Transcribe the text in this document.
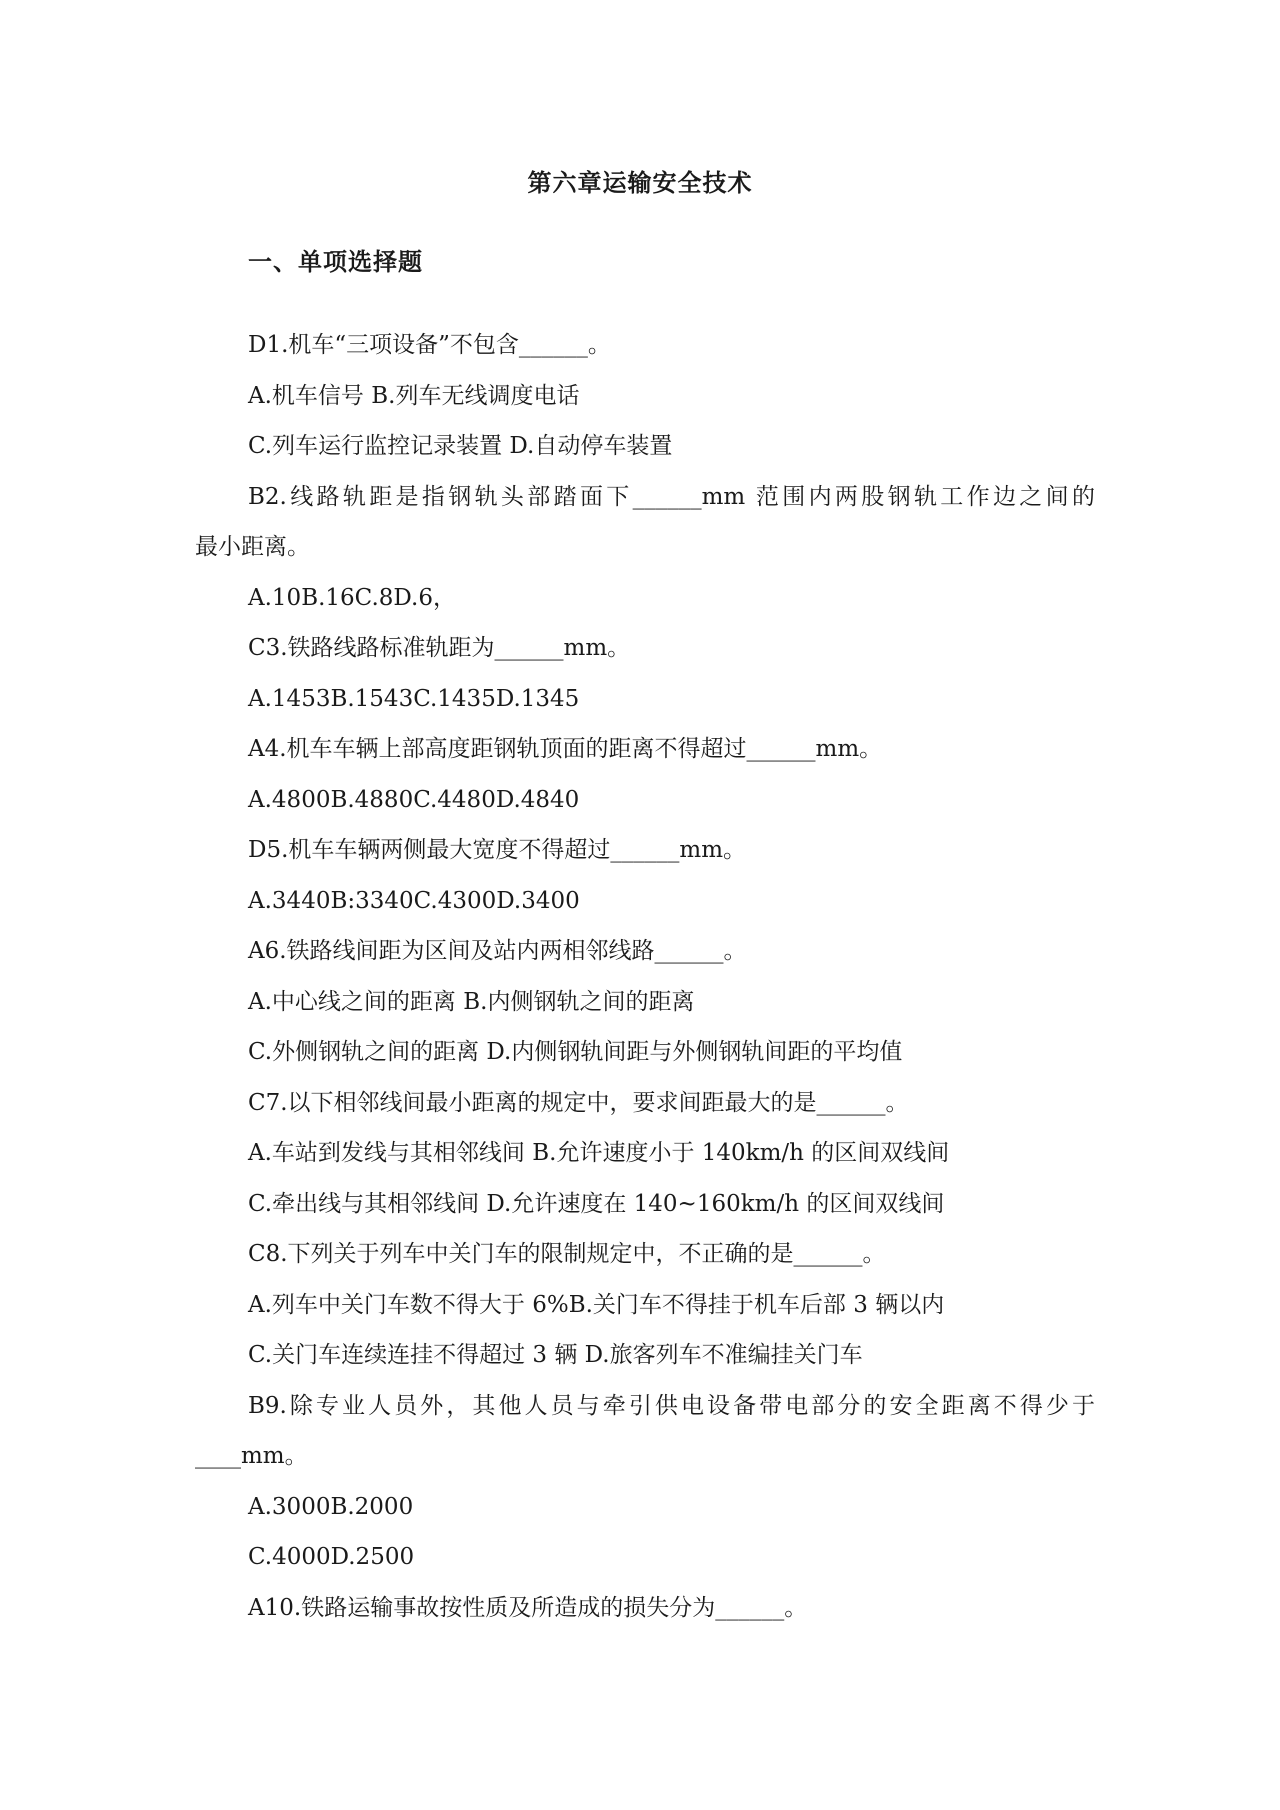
第六章运输安全技术
一、单项选择题
D1.机车“三项设备”不包含______。
A.机车信号 B.列车无线调度电话
C.列车运行监控记录装置 D.自动停车装置
B2.线路轨距是指钢轨头部踏面下______mm 范围内两股钢轨工作边之间的
最小距离。
A.10B.16C.8D.6，
C3.铁路线路标准轨距为______mm。
A.1453B.1543C.1435D.1345
A4.机车车辆上部高度距钢轨顶面的距离不得超过______mm。
A.4800B.4880C.4480D.4840
D5.机车车辆两侧最大宽度不得超过______mm。
A.3440B:3340C.4300D.3400
A6.铁路线间距为区间及站内两相邻线路______。
A.中心线之间的距离 B.内侧钢轨之间的距离
C.外侧钢轨之间的距离 D.内侧钢轨间距与外侧钢轨间距的平均值
C7.以下相邻线间最小距离的规定中，要求间距最大的是______。
A.车站到发线与其相邻线间 B.允许速度小于 140km/h 的区间双线间
C.牵出线与其相邻线间 D.允许速度在 140~160km/h 的区间双线间
C8.下列关于列车中关门车的限制规定中，不正确的是______。
A.列车中关门车数不得大于 6%B.关门车不得挂于机车后部 3 辆以内
C.关门车连续连挂不得超过 3 辆 D.旅客列车不准编挂关门车
B9.除专业人员外，其他人员与牵引供电设备带电部分的安全距离不得少于
____mm。
A.3000B.2000
C.4000D.2500
A10.铁路运输事故按性质及所造成的损失分为______。
